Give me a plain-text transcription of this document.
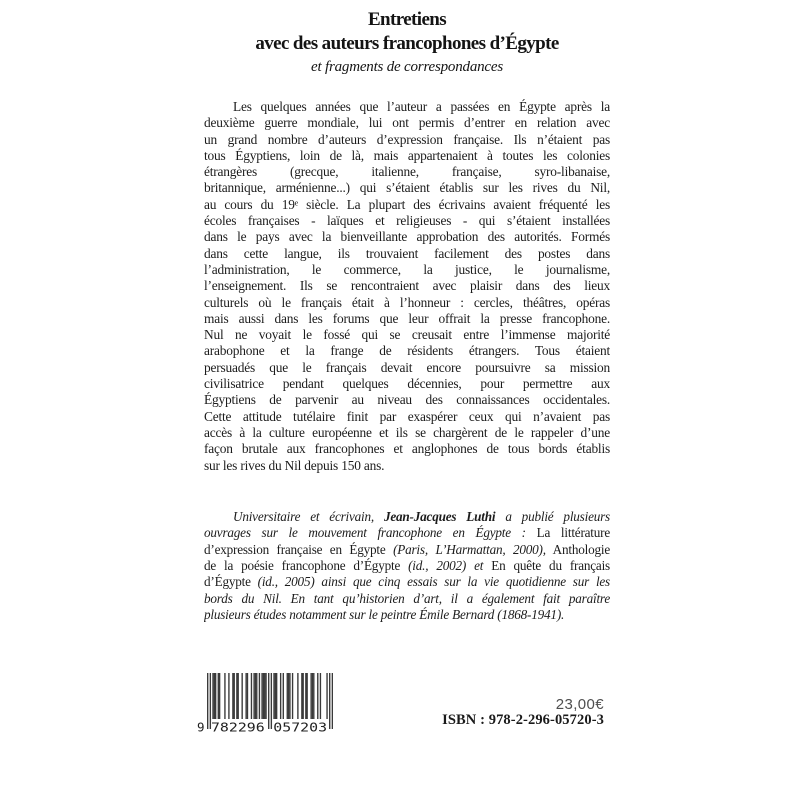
Entretiens
avec des auteurs francophones d’Égypte
et fragments de correspondances
Les quelques années que l’auteur a passées en Égypte après la
deuxième guerre mondiale, lui ont permis d’entrer en relation avec
un grand nombre d’auteurs d’expression française. Ils n’étaient pas
tous Égyptiens, loin de là, mais appartenaient à toutes les colonies
étrangères (grecque, italienne, française, syro-libanaise,
britannique, arménienne...) qui s’étaient établis sur les rives du Nil,
au cours du 19ᵉ siècle. La plupart des écrivains avaient fréquenté les
écoles françaises - laïques et religieuses - qui s’étaient installées
dans le pays avec la bienveillante approbation des autorités. Formés
dans cette langue, ils trouvaient facilement des postes dans
l’administration, le commerce, la justice, le journalisme,
l’enseignement. Ils se rencontraient avec plaisir dans des lieux
culturels où le français était à l’honneur : cercles, théâtres, opéras
mais aussi dans les forums que leur offrait la presse francophone.
Nul ne voyait le fossé qui se creusait entre l’immense majorité
arabophone et la frange de résidents étrangers. Tous étaient
persuadés que le français devait encore poursuivre sa mission
civilisatrice pendant quelques décennies, pour permettre aux
Égyptiens de parvenir au niveau des connaissances occidentales.
Cette attitude tutélaire finit par exaspérer ceux qui n’avaient pas
accès à la culture européenne et ils se chargèrent de le rappeler d’une
façon brutale aux francophones et anglophones de tous bords établis
sur les rives du Nil depuis 150 ans.
Universitaire et écrivain, Jean-Jacques Luthi a publié plusieurs
ouvrages sur le mouvement francophone en Égypte : La littérature
d’expression française en Égypte (Paris, L’Harmattan, 2000), Anthologie
de la poésie francophone d’Égypte (id., 2002) et En quête du français
d’Égypte (id., 2005) ainsi que cinq essais sur la vie quotidienne sur les
bords du Nil. En tant qu’historien d’art, il a également fait paraître
plusieurs études notamment sur le peintre Émile Bernard (1868-1941).
9 782296 057203
23,00€
ISBN : 978-2-296-05720-3
